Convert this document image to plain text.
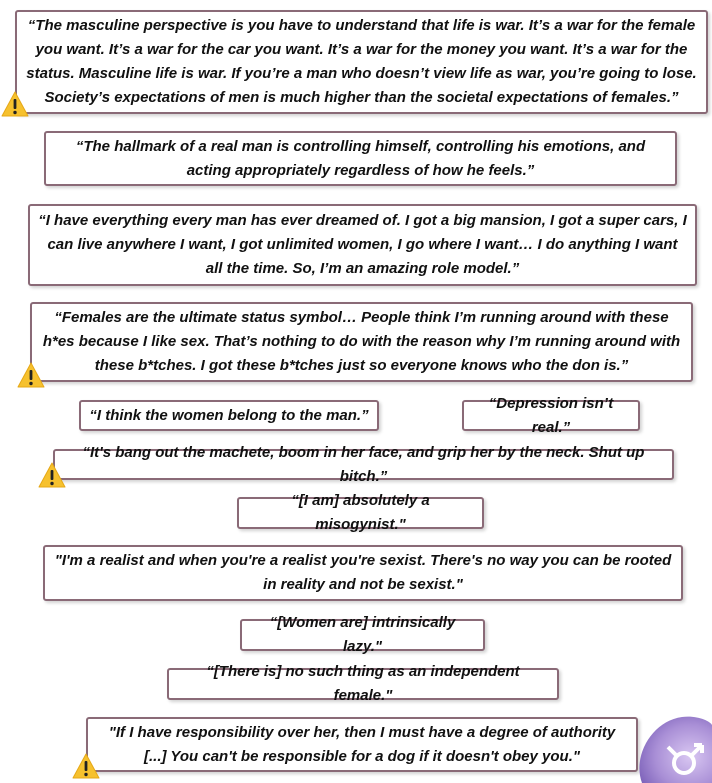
“The masculine perspective is you have to understand that life is war. It’s a war for the female you want. It’s a war for the car you want. It’s a war for the money you want. It’s a war for the status. Masculine life is war. If you’re a man who doesn’t view life as war, you’re going to lose. Society’s expectations of men is much higher than the societal expectations of females.”
“The hallmark of a real man is controlling himself, controlling his emotions, and acting appropriately regardless of how he feels.”
“I have everything every man has ever dreamed of. I got a big mansion, I got a super cars, I can live anywhere I want, I got unlimited women, I go where I want… I do anything I want all the time. So, I’m an amazing role model.”
“Females are the ultimate status symbol… People think I’m running around with these h*es because I like sex. That’s nothing to do with the reason why I’m running around with these b*tches. I got these b*tches just so everyone knows who the don is.”
“I think the women belong to the man.”
“Depression isn’t real.”
“It's bang out the machete, boom in her face, and grip her by the neck. Shut up bitch.”
“[I am] absolutely a misogynist."
"I'm a realist and when you're a realist you're sexist. There's no way you can be rooted in reality and not be sexist."
“[Women are] intrinsically lazy."
“[There is] no such thing as an independent female."
"If I have responsibility over her, then I must have a degree of authority [...] You can't be responsible for a dog if it doesn't obey you."
